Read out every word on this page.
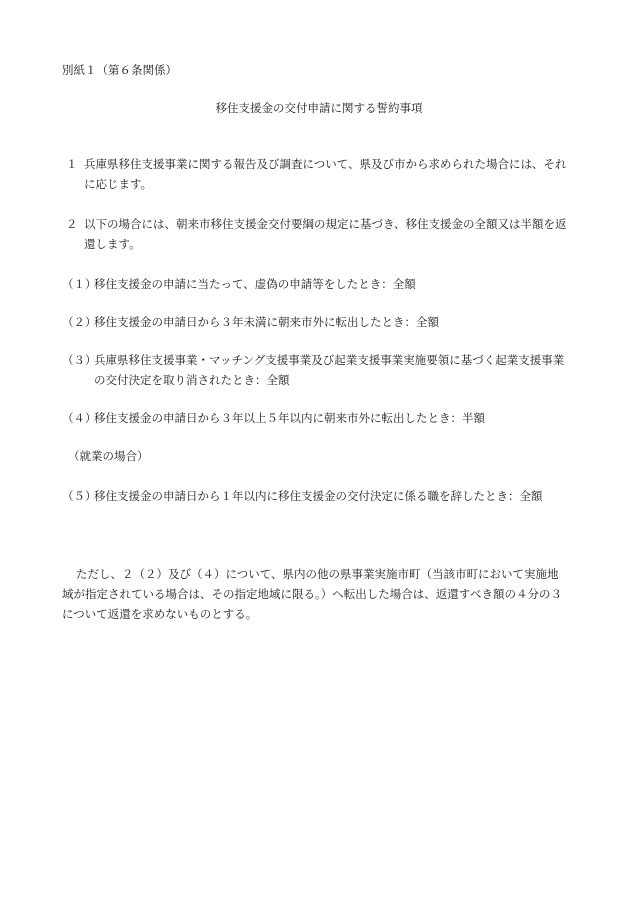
別紙１（第６条関係）
移住支援金の交付申請に関する誓約事項
１ 兵庫県移住支援事業に関する報告及び調査について、県及び市から求められた場合には、それに応じます。
２ 以下の場合には、朝来市移住支援金交付要綱の規定に基づき、移住支援金の全額又は半額を返還します。
（１）
移住支援金の申請に当たって、虚偽の申請等をしたとき：全額
（２）
移住支援金の申請日から３年未満に朝来市外に転出したとき：全額
（３）
兵庫県移住支援事業・マッチング支援事業及び起業支援事業実施要領に基づく起業支援事業の交付決定を取り消されたとき：全額
（４）
移住支援金の申請日から３年以上５年以内に朝来市外に転出したとき：半額
（就業の場合）
（５）
移住支援金の申請日から１年以内に移住支援金の交付決定に係る職を辞したとき：全額
ただし、２（２）及び（４）について、県内の他の県事業実施市町（当該市町において実施地域が指定されている場合は、その指定地域に限る。）へ転出した場合は、返還すべき額の４分の３について返還を求めないものとする。
